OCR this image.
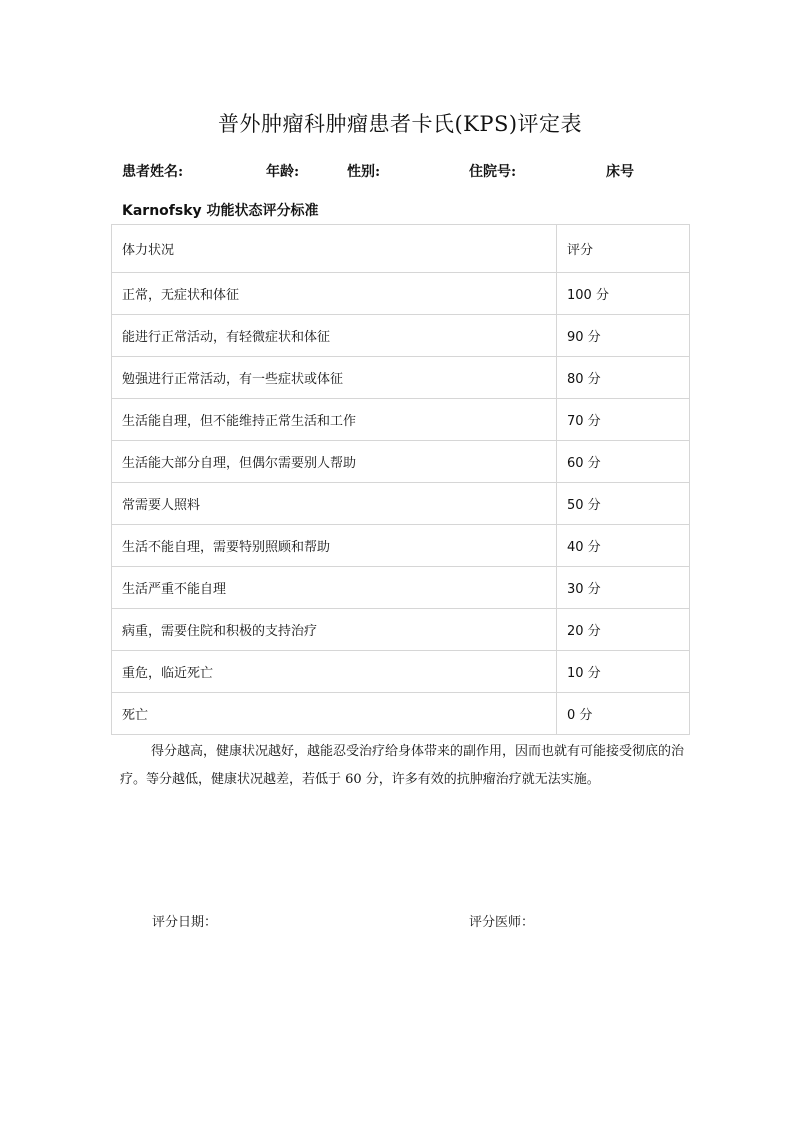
普外肿瘤科肿瘤患者卡氏(KPS)评定表
患者姓名:	年龄:	性别:	住院号:	床号
Karnofsky 功能状态评分标准
体力状况	评分
正常，无症状和体征	100 分
能进行正常活动，有轻微症状和体征	90 分
勉强进行正常活动，有一些症状或体征	80 分
生活能自理，但不能维持正常生活和工作	70 分
生活能大部分自理，但偶尔需要别人帮助	60 分
常需要人照料	50 分
生活不能自理，需要特别照顾和帮助	40 分
生活严重不能自理	30 分
病重，需要住院和积极的支持治疗	20 分
重危，临近死亡	10 分
死亡	0 分
得分越高，健康状况越好，越能忍受治疗给身体带来的副作用，因而也就有可能接受彻底的治疗。等分越低，健康状况越差，若低于 60 分，许多有效的抗肿瘤治疗就无法实施。
评分日期：	评分医师：
